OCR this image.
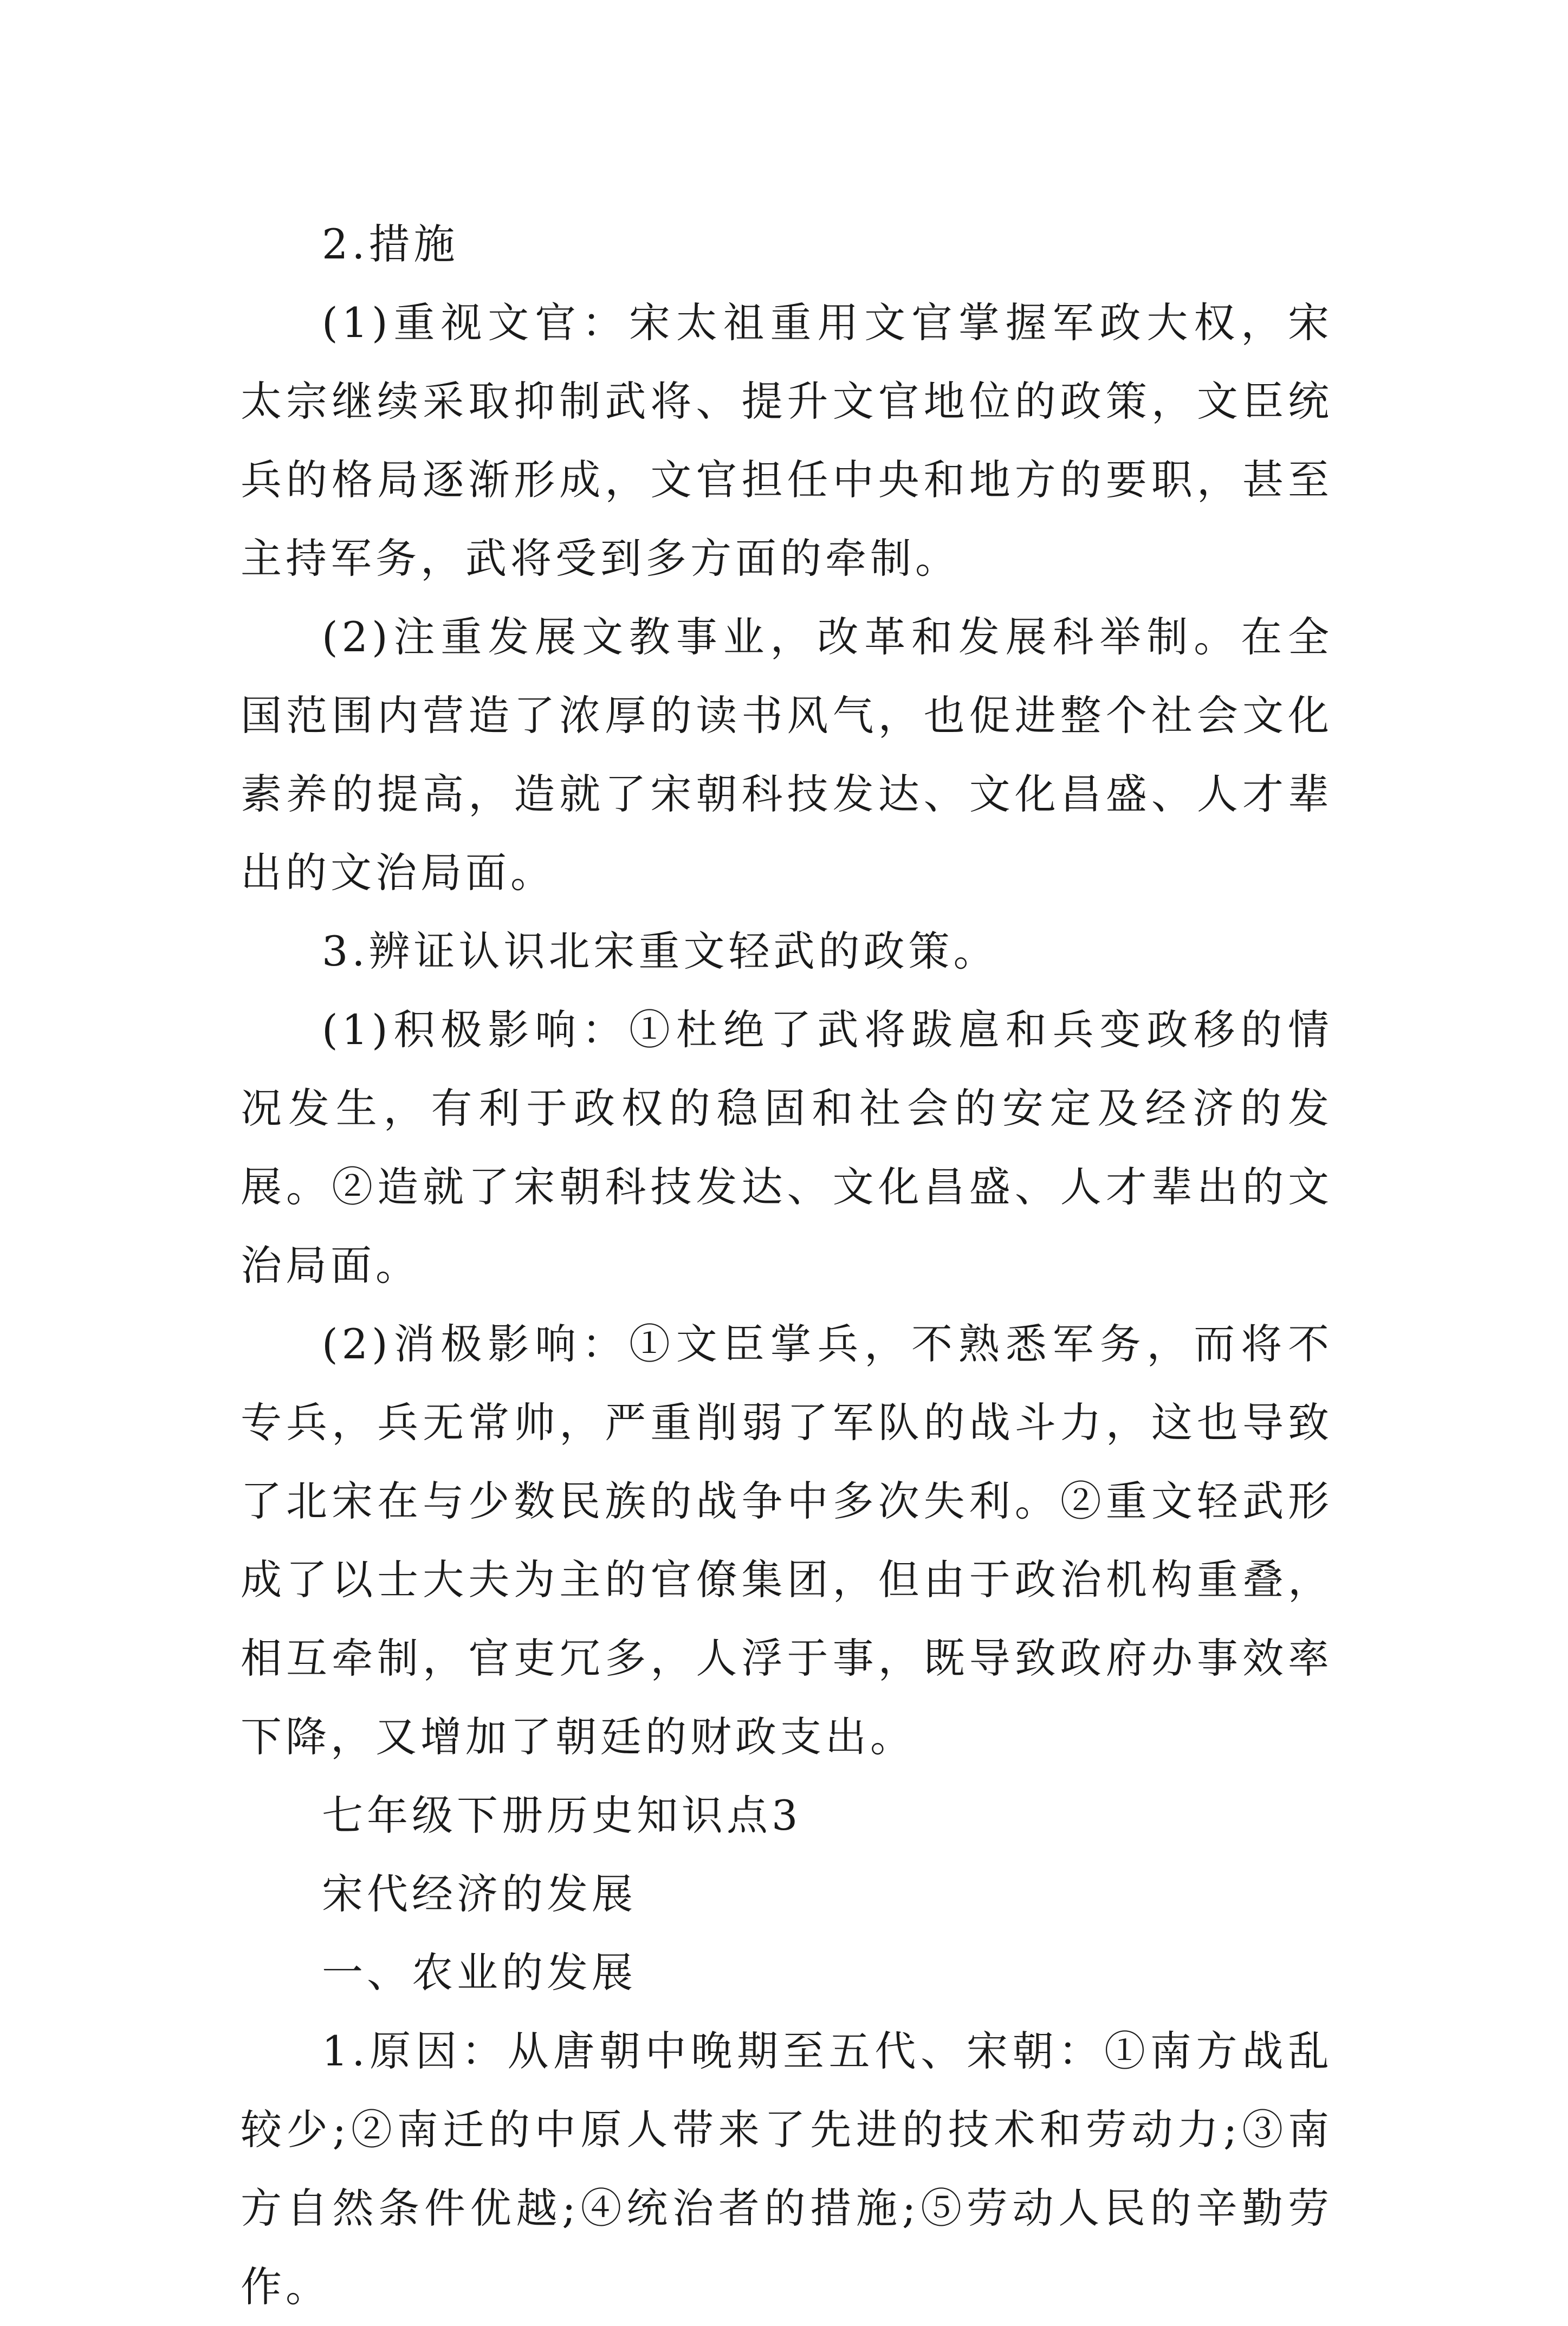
2.措施

(1)重视文官：宋太祖重用文官掌握军政大权，宋太宗继续采取抑制武将、提升文官地位的政策，文臣统兵的格局逐渐形成，文官担任中央和地方的要职，甚至主持军务，武将受到多方面的牵制。

(2)注重发展文教事业，改革和发展科举制。在全国范围内营造了浓厚的读书风气，也促进整个社会文化素养的提高，造就了宋朝科技发达、文化昌盛、人才辈出的文治局面。

3.辨证认识北宋重文轻武的政策。

(1)积极影响：①杜绝了武将跋扈和兵变政移的情况发生，有利于政权的稳固和社会的安定及经济的发展。②造就了宋朝科技发达、文化昌盛、人才辈出的文治局面。

(2)消极影响：①文臣掌兵，不熟悉军务，而将不专兵，兵无常帅，严重削弱了军队的战斗力，这也导致了北宋在与少数民族的战争中多次失利。②重文轻武形成了以士大夫为主的官僚集团，但由于政治机构重叠，相互牵制，官吏冗多，人浮于事，既导致政府办事效率下降，又增加了朝廷的财政支出。

七年级下册历史知识点3

宋代经济的发展

一、农业的发展

1.原因：从唐朝中晚期至五代、宋朝：①南方战乱较少;②南迁的中原人带来了先进的技术和劳动力;③南方自然条件优越;④统治者的措施;⑤劳动人民的辛勤劳作。
